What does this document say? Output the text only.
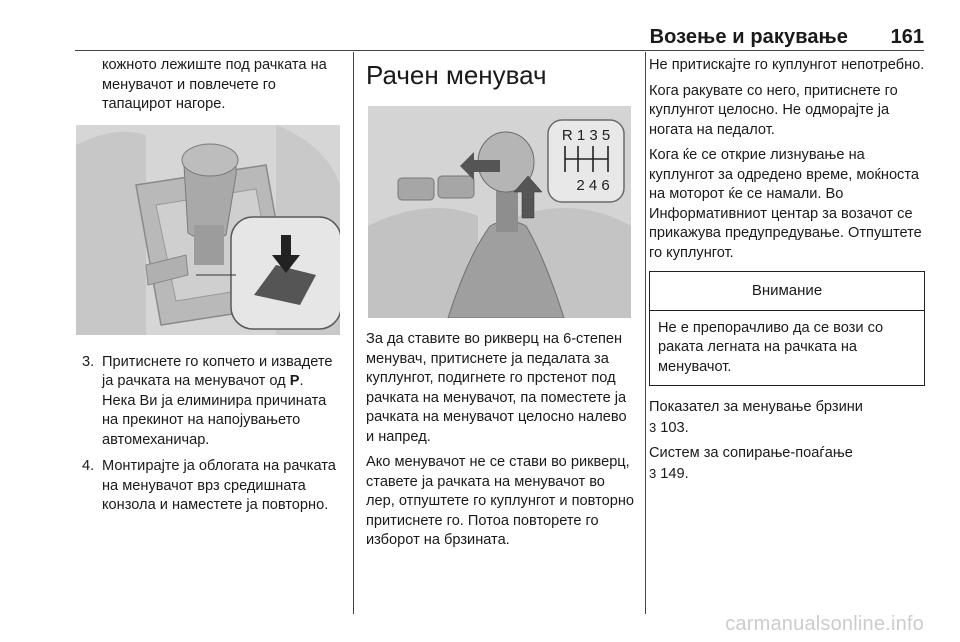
Возење и ракување 161

кожното лежиште под рачката на менувачот и повлечете го тапацирот нагоре.

3. Притиснете го копчето и извадете ја рачката на менувачот од P. Нека Ви ја елиминира причината на прекинот на напојувањето автомеханичар.
4. Монтирајте ја облогата на рачката на менувачот врз средишната конзола и наместете ја повторно.
Рачен менувач
R 1 3 5
2 4 6

За да ставите во рикверц на 6-степен менувач, притиснете ја педалата за куплунгот, подигнете го прстенот под рачката на менувачот, па поместете ја рачката на менувачот целосно налево и напред.

Ако менувачот не се стави во рикверц, ставете ја рачката на менувачот во лер, отпуштете го куплунгот и повторно притиснете го. Потоа повторете го изборот на брзината.

Не притискајте го куплунгот непотребно.

Кога ракувате со него, притиснете го куплунгот целосно. Не одморајте ја ногата на педалот.

Кога ќе се открие лизнување на куплунгот за одредено време, моќноста на моторот ќе се намали. Во Информативниот центар за возачот се прикажува предупредување. Отпуштете го куплунгот.

Внимание
Не е препорачливо да се вози со раката легната на рачката на менувачот.

Показател за менување брзини
3 103.

Систем за сопирање-поаѓање
3 149.

carmanualsonline.info
